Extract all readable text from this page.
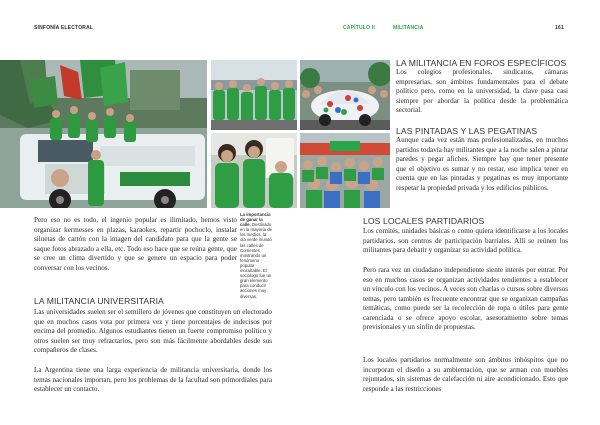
SINFONÍA ELECTORAL	CAPÍTULO II	MILITANCIA	161
La importancia de ganar la calle. Destinado en la mayoría de los medios, la ola verde inundó las calles de Corrientes mostrando un fenómeno popular inocultable. El sociólogo fue un gran elemento para conducir acciones muy diversas.

Pero eso no es todo, el ingenio popular es ilimitado, hemos visto organizar kermesses en plazas, karaokes, repartir pochoclo, instalar siluetas de cartón con la imagen del candidato para que la gente se saque fotos abrazado a ella, etc. Todo eso hace que se reúna gente, que se cree un clima divertido y que se genere un espacio para poder conversar con los vecinos.

LA MILITANCIA UNIVERSITARIA

Las universidades suelen ser el semillero de jóvenes que constituyen un electorado que en muchos casos vota por primera vez y tiene porcentajes de indecisos por encima del promedio. Algunos estudiantes tienen un fuerte compromiso político y otros suelen ser muy refractarios, pero son más fácilmente abordables desde sus compañeros de clases.

La Argentina tiene una larga experiencia de militancia universitaria, donde los temas nacionales importan, pero los problemas de la facultad son primordiales para establecer un contacto.

LA MILITANCIA EN FOROS ESPECÍFICOS

Los colegios profesionales, sindicatos, cámaras empresarias, son ámbitos fundamentales para el debate político pero, como en la universidad, la clave pasa casi siempre por abordar la política desde la problemática sectorial.

LAS PINTADAS Y LAS PEGATINAS

Aunque cada vez están mas profesionalizadas, en muchos partidos todavía hay militantes que a la noche salen a pintar paredes y pegar afiches. Siempre hay que tener presente que el objetivo es sumar y no restar, eso implica tener en cuenta que en las pintadas y pegatinas es muy importante respetar la propiedad privada y los edificios públicos.

LOS LOCALES PARTIDARIOS

Los comités, unidades básicas o como quiera identificarse a los locales partidarios, son centros de participación barriales. Allí se reúnen los militantes para debatir y organizar su actividad política.

Pero rara vez un ciudadano independiente siente interés por entrar. Por eso en muchos casos se organizan actividades tendientes a establecer un vínculo con los vecinos. A veces son charlas o cursos sobre diversos temas, pero también es frecuente encontrar que se organizan campañas temáticas, como puede ser la recolección de ropa o útiles para gente carenciada o se ofrece apoyo escolar, asesoramiento sobre temas previsionales y un sinfín de propuestas.

Los locales partidarios normalmente son ámbitos inhóspitos que no incorporan el diseño a su ambientación, que se arman con muebles rejuntados, sin sistemas de calefacción ni aire acondicionado. Esto que responde a las restricciones
